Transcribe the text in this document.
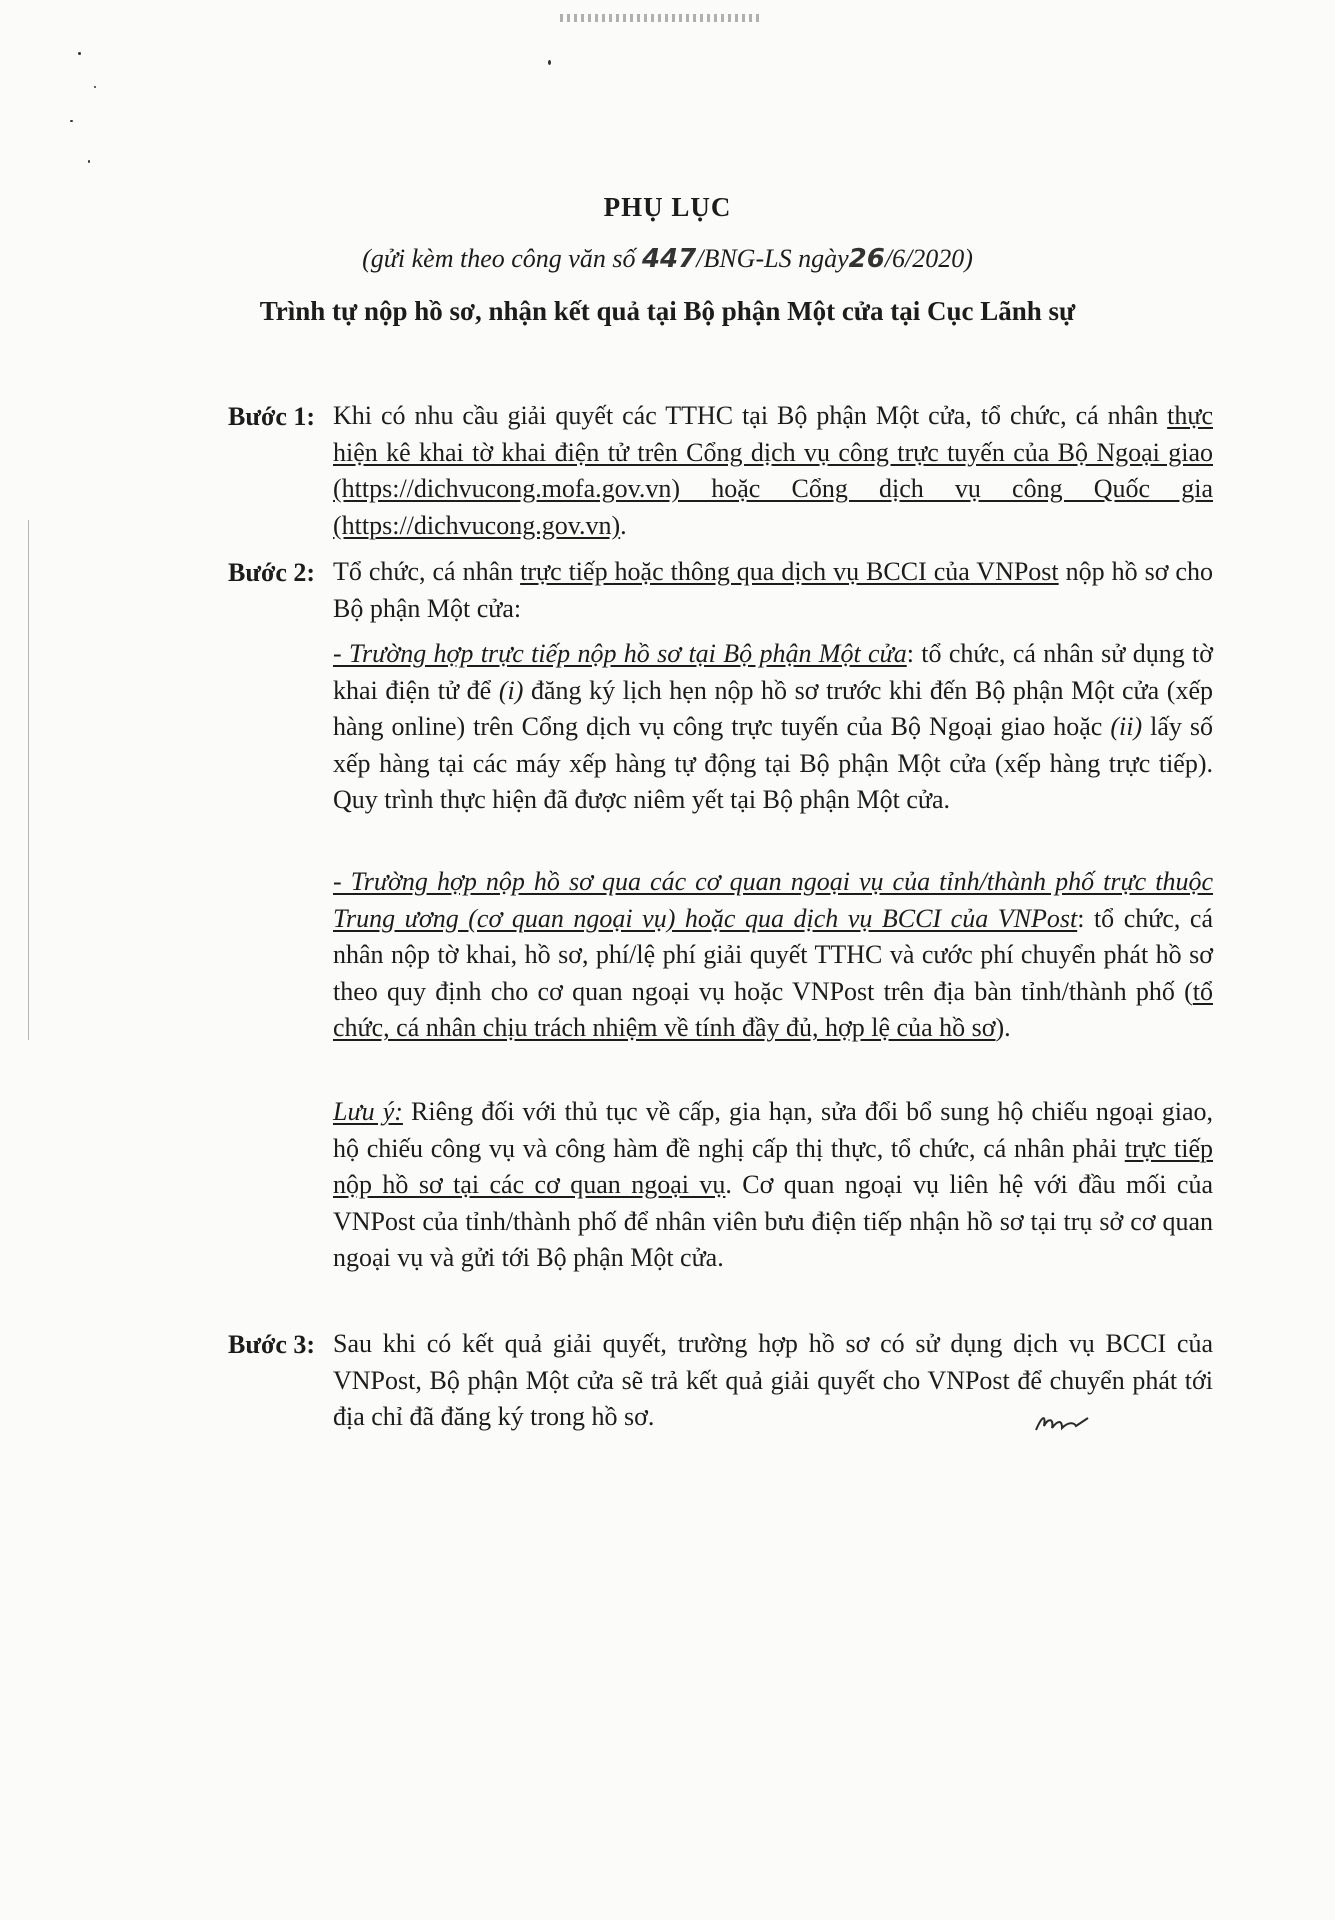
PHỤ LỤC
(gửi kèm theo công văn số 447/BNG-LS ngày26/6/2020)
Trình tự nộp hồ sơ, nhận kết quả tại Bộ phận Một cửa tại Cục Lãnh sự
Bước 1: Khi có nhu cầu giải quyết các TTHC tại Bộ phận Một cửa, tổ chức, cá nhân thực hiện kê khai tờ khai điện tử trên Cổng dịch vụ công trực tuyến của Bộ Ngoại giao (https://dichvucong.mofa.gov.vn) hoặc Cổng dịch vụ công Quốc gia (https://dichvucong.gov.vn).

Bước 2: Tổ chức, cá nhân trực tiếp hoặc thông qua dịch vụ BCCI của VNPost nộp hồ sơ cho Bộ phận Một cửa:

- Trường hợp trực tiếp nộp hồ sơ tại Bộ phận Một cửa: tổ chức, cá nhân sử dụng tờ khai điện tử để (i) đăng ký lịch hẹn nộp hồ sơ trước khi đến Bộ phận Một cửa (xếp hàng online) trên Cổng dịch vụ công trực tuyến của Bộ Ngoại giao hoặc (ii) lấy số xếp hàng tại các máy xếp hàng tự động tại Bộ phận Một cửa (xếp hàng trực tiếp). Quy trình thực hiện đã được niêm yết tại Bộ phận Một cửa.

- Trường hợp nộp hồ sơ qua các cơ quan ngoại vụ của tỉnh/thành phố trực thuộc Trung ương (cơ quan ngoại vụ) hoặc qua dịch vụ BCCI của VNPost: tổ chức, cá nhân nộp tờ khai, hồ sơ, phí/lệ phí giải quyết TTHC và cước phí chuyển phát hồ sơ theo quy định cho cơ quan ngoại vụ hoặc VNPost trên địa bàn tỉnh/thành phố (tổ chức, cá nhân chịu trách nhiệm về tính đầy đủ, hợp lệ của hồ sơ).

Lưu ý: Riêng đối với thủ tục về cấp, gia hạn, sửa đổi bổ sung hộ chiếu ngoại giao, hộ chiếu công vụ và công hàm đề nghị cấp thị thực, tổ chức, cá nhân phải trực tiếp nộp hồ sơ tại các cơ quan ngoại vụ. Cơ quan ngoại vụ liên hệ với đầu mối của VNPost của tỉnh/thành phố để nhân viên bưu điện tiếp nhận hồ sơ tại trụ sở cơ quan ngoại vụ và gửi tới Bộ phận Một cửa.

Bước 3: Sau khi có kết quả giải quyết, trường hợp hồ sơ có sử dụng dịch vụ BCCI của VNPost, Bộ phận Một cửa sẽ trả kết quả giải quyết cho VNPost để chuyển phát tới địa chỉ đã đăng ký trong hồ sơ.
